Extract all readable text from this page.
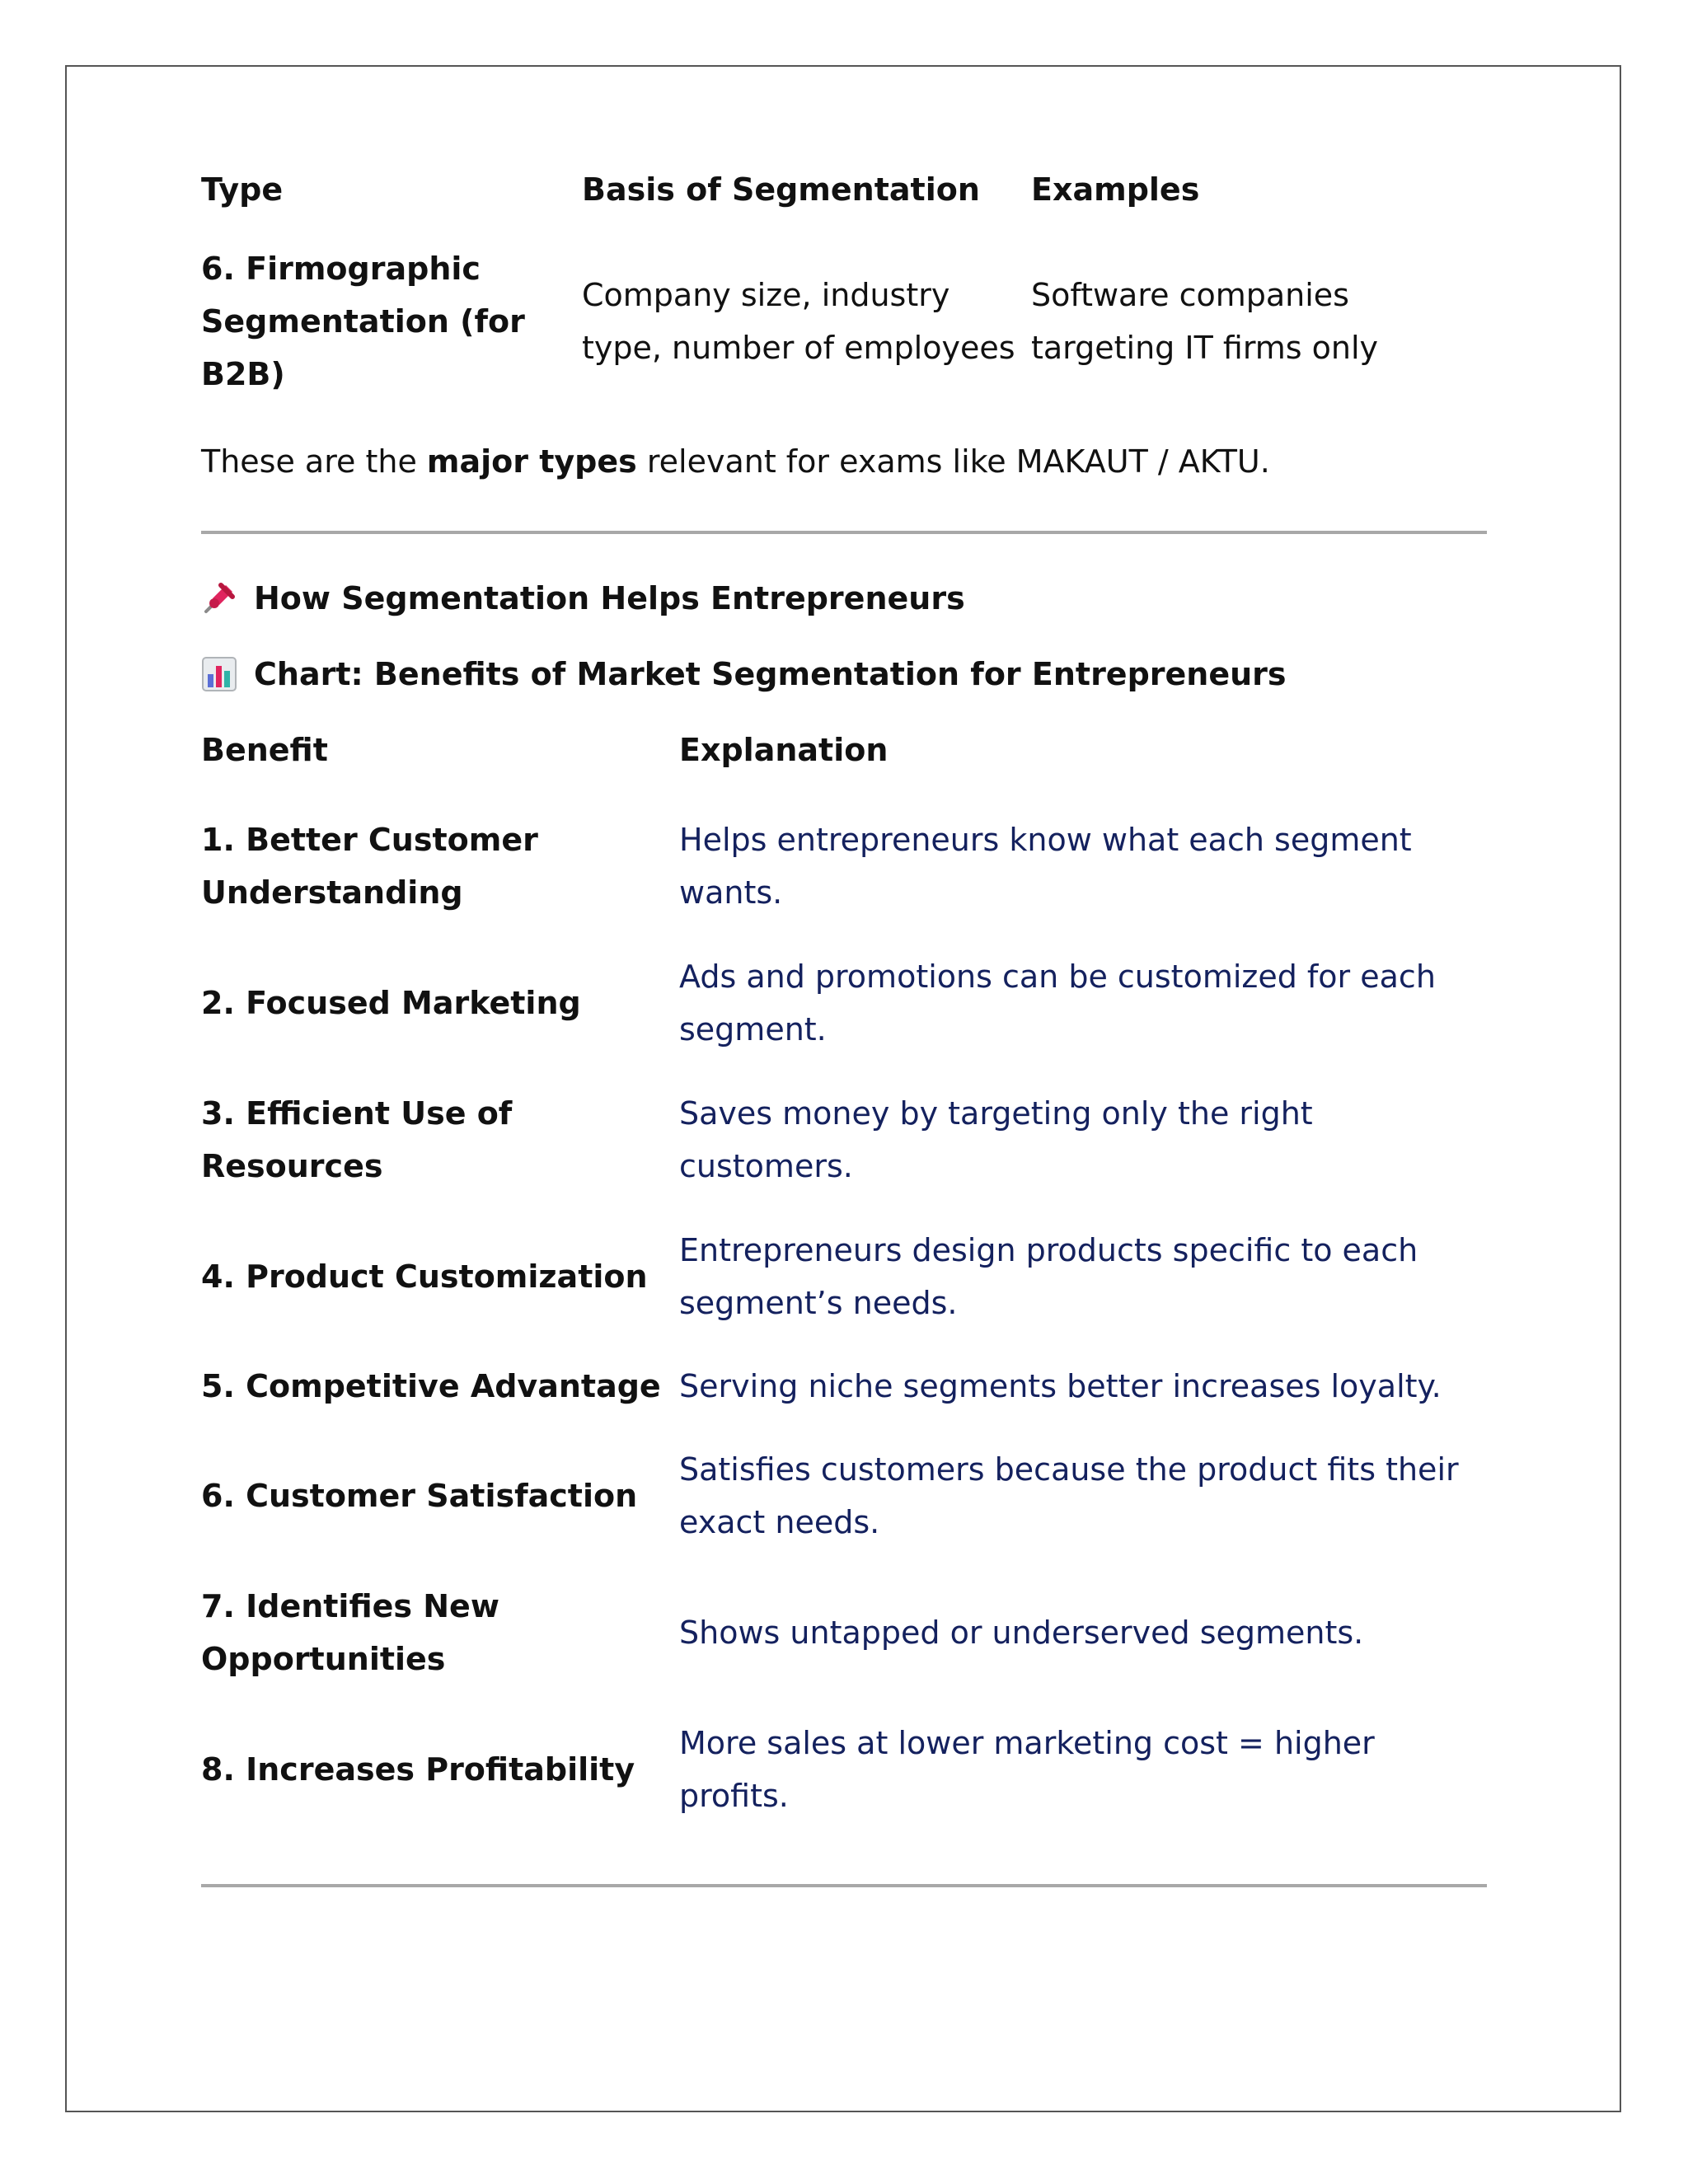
Type	Basis of Segmentation	Examples
6. Firmographic Segmentation (for B2B)	Company size, industry type, number of employees	Software companies targeting IT firms only
These are the major types relevant for exams like MAKAUT / AKTU.
How Segmentation Helps Entrepreneurs
Chart: Benefits of Market Segmentation for Entrepreneurs
Benefit	Explanation
1. Better Customer Understanding	Helps entrepreneurs know what each segment wants.
2. Focused Marketing	Ads and promotions can be customized for each segment.
3. Efficient Use of Resources	Saves money by targeting only the right customers.
4. Product Customization	Entrepreneurs design products specific to each segment’s needs.
5. Competitive Advantage	Serving niche segments better increases loyalty.
6. Customer Satisfaction	Satisfies customers because the product fits their exact needs.
7. Identifies New Opportunities	Shows untapped or underserved segments.
8. Increases Profitability	More sales at lower marketing cost = higher profits.
